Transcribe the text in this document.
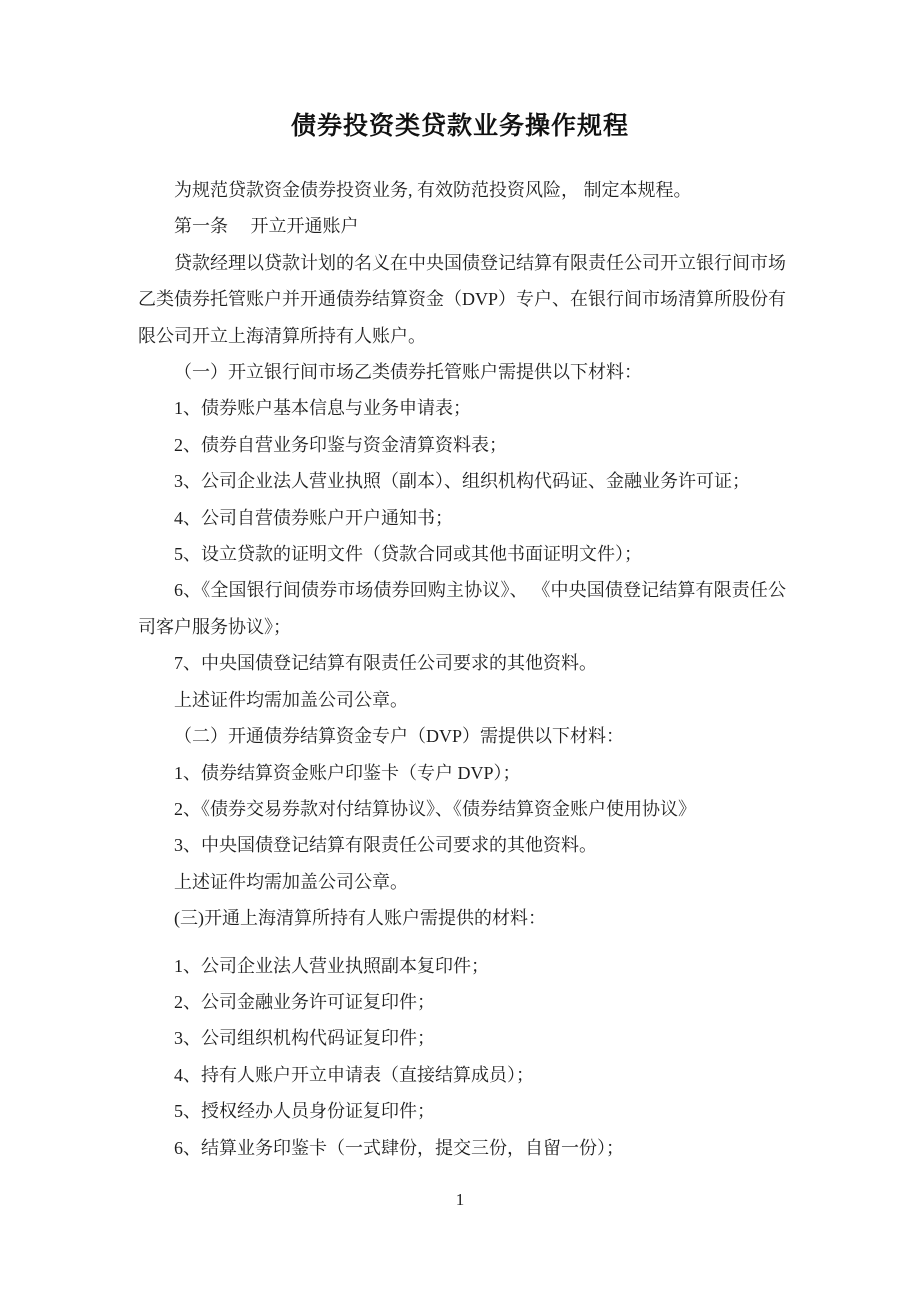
债券投资类贷款业务操作规程

为规范贷款资金债券投资业务, 有效防范投资风险， 制定本规程。

第一条　 开立开通账户

贷款经理以贷款计划的名义在中央国债登记结算有限责任公司开立银行间市场乙类债券托管账户并开通债券结算资金（DVP）专户、在银行间市场清算所股份有限公司开立上海清算所持有人账户。

（一）开立银行间市场乙类债券托管账户需提供以下材料：

1、债券账户基本信息与业务申请表；

2、债券自营业务印鉴与资金清算资料表；

3、公司企业法人营业执照（副本）、组织机构代码证、金融业务许可证；

4、公司自营债券账户开户通知书；

5、设立贷款的证明文件（贷款合同或其他书面证明文件）；

6、《全国银行间债券市场债券回购主协议》、 《中央国债登记结算有限责任公司客户服务协议》；

7、中央国债登记结算有限责任公司要求的其他资料。

上述证件均需加盖公司公章。

（二）开通债券结算资金专户（DVP）需提供以下材料：

1、债券结算资金账户印鉴卡（专户 DVP）；

2、《债券交易券款对付结算协议》、《债券结算资金账户使用协议》

3、中央国债登记结算有限责任公司要求的其他资料。

上述证件均需加盖公司公章。

(三)开通上海清算所持有人账户需提供的材料：

1、公司企业法人营业执照副本复印件；

2、公司金融业务许可证复印件；

3、公司组织机构代码证复印件；

4、持有人账户开立申请表（直接结算成员）；

5、授权经办人员身份证复印件；

6、结算业务印鉴卡（一式肆份，提交三份，自留一份）；

1
